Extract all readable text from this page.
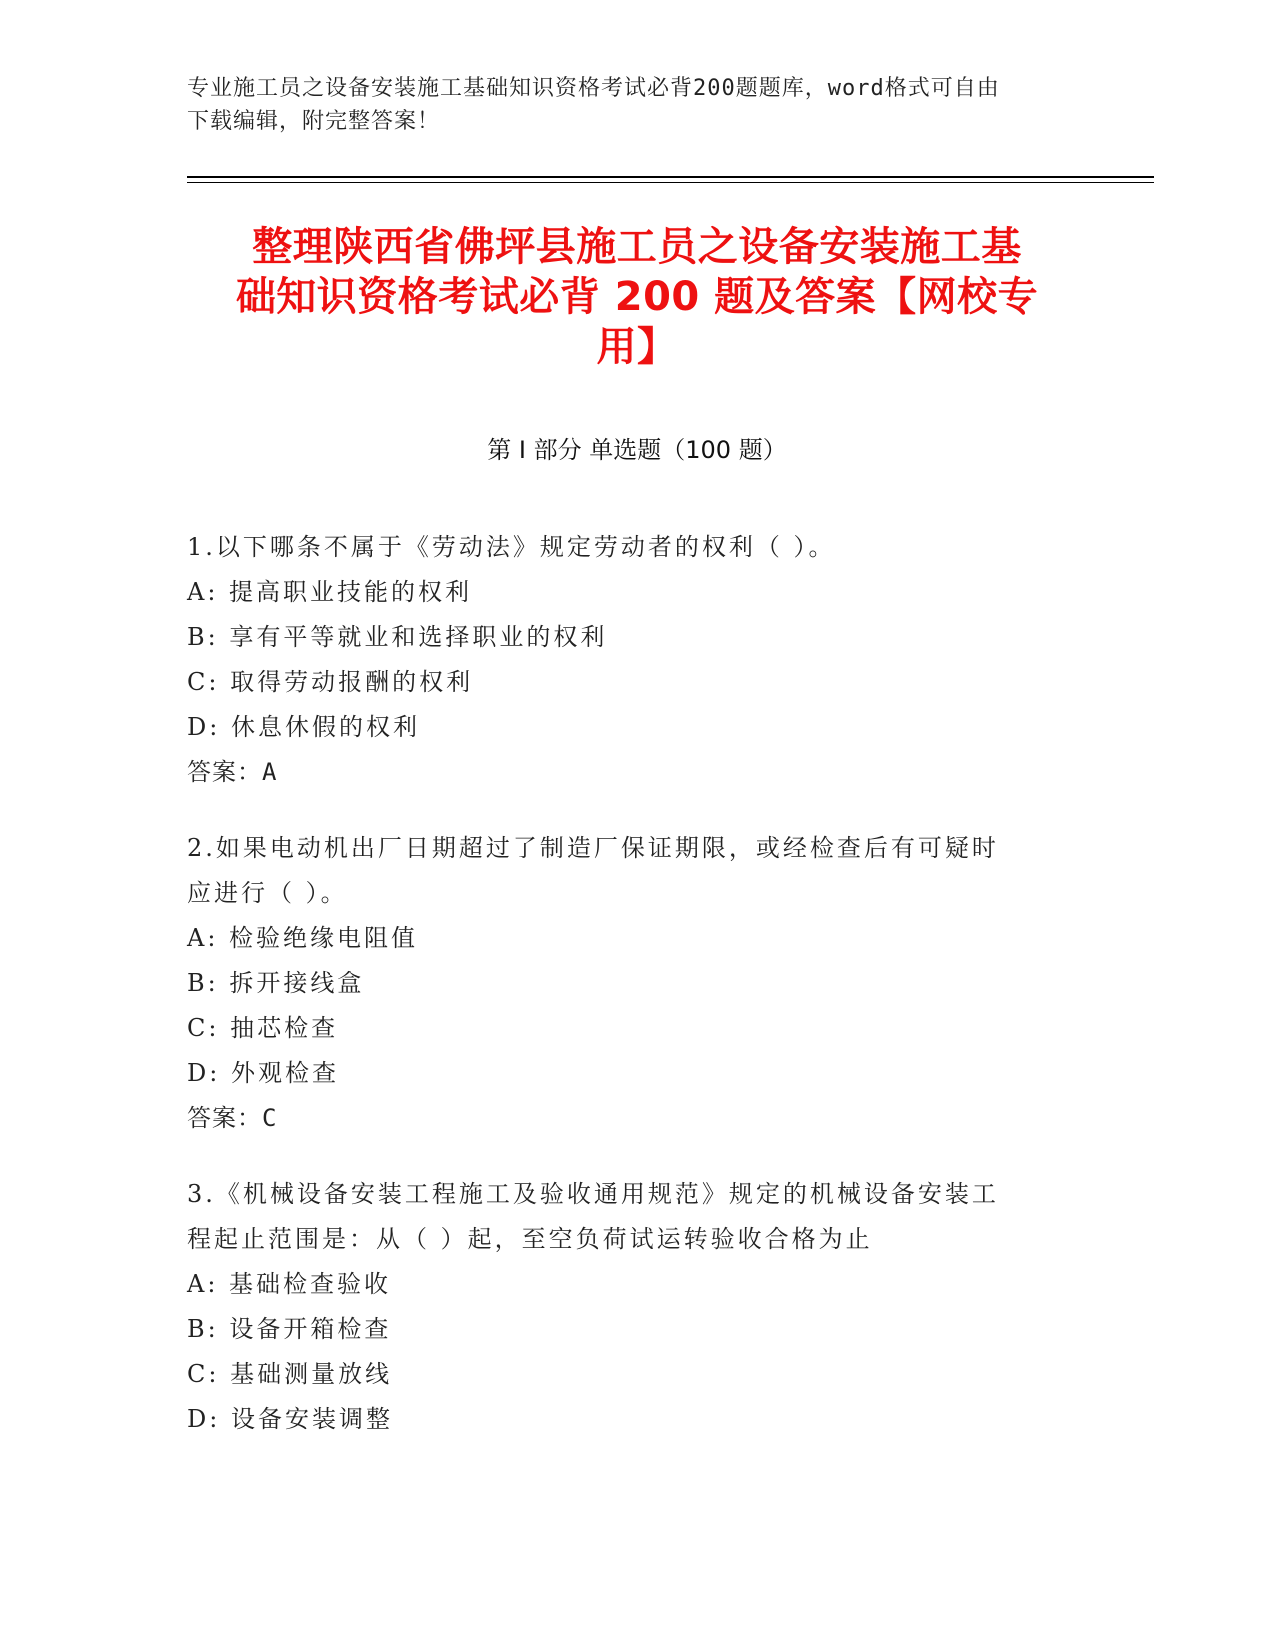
专业施工员之设备安装施工基础知识资格考试必背200题题库，word格式可自由
下载编辑，附完整答案！
整理陕西省佛坪县施工员之设备安装施工基
础知识资格考试必背 200 题及答案【网校专
用】
第 I 部分 单选题（100 题）

1.以下哪条不属于《劳动法》规定劳动者的权利（ ）。

A: 提高职业技能的权利

B: 享有平等就业和选择职业的权利

C: 取得劳动报酬的权利

D: 休息休假的权利

答案：A

2.如果电动机出厂日期超过了制造厂保证期限，或经检查后有可疑时

应进行（ ）。

A: 检验绝缘电阻值

B: 拆开接线盒

C: 抽芯检查

D: 外观检查

答案：C

3.《机械设备安装工程施工及验收通用规范》规定的机械设备安装工

程起止范围是：从（ ）起，至空负荷试运转验收合格为止

A: 基础检查验收

B: 设备开箱检查

C: 基础测量放线

D: 设备安装调整
